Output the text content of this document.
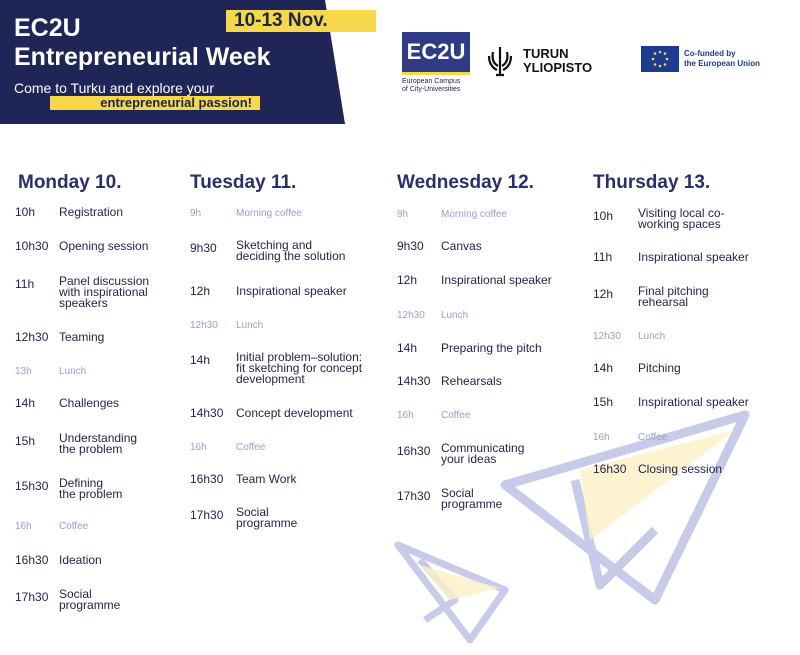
EC2U
Entrepreneurial Week
Come to Turku and explore your
entrepreneurial passion!
10-13 Nov.
EC2U
European Campus
of City-Universities
TURUN
YLIOPISTO
Co-funded by
the European Union
Monday 10.
10h Registration
10h30 Opening session
11h Panel discussion
with inspirational
speakers
12h30 Teaming
13h	Lunch
14h Challenges
15h Understanding
the problem
15h30 Defining
the problem
16h	Coffee
16h30 Ideation
17h30 Social
programme
Tuesday 11.
9h	Morning coffee
9h30 Sketching and
deciding the solution
12h Inspirational speaker
12h30 Lunch
14h Initial problem–solution:
fit sketching for concept
development
14h30 Concept development
16h	Coffee
16h30 Team Work
17h30 Social
programme
Wednesday 12.
9h	Morning coffee
9h30 Canvas
12h Inspirational speaker
12h30 Lunch
14h Preparing the pitch
14h30 Rehearsals
16h	Coffee
16h30 Communicating
your ideas
17h30 Social
programme
Thursday 13.
10h Visiting local co-
working spaces
11h Inspirational speaker
12h Final pitching
rehearsal
12h30 Lunch
14h Pitching
15h Inspirational speaker
16h	Coffee
16h30 Closing session
